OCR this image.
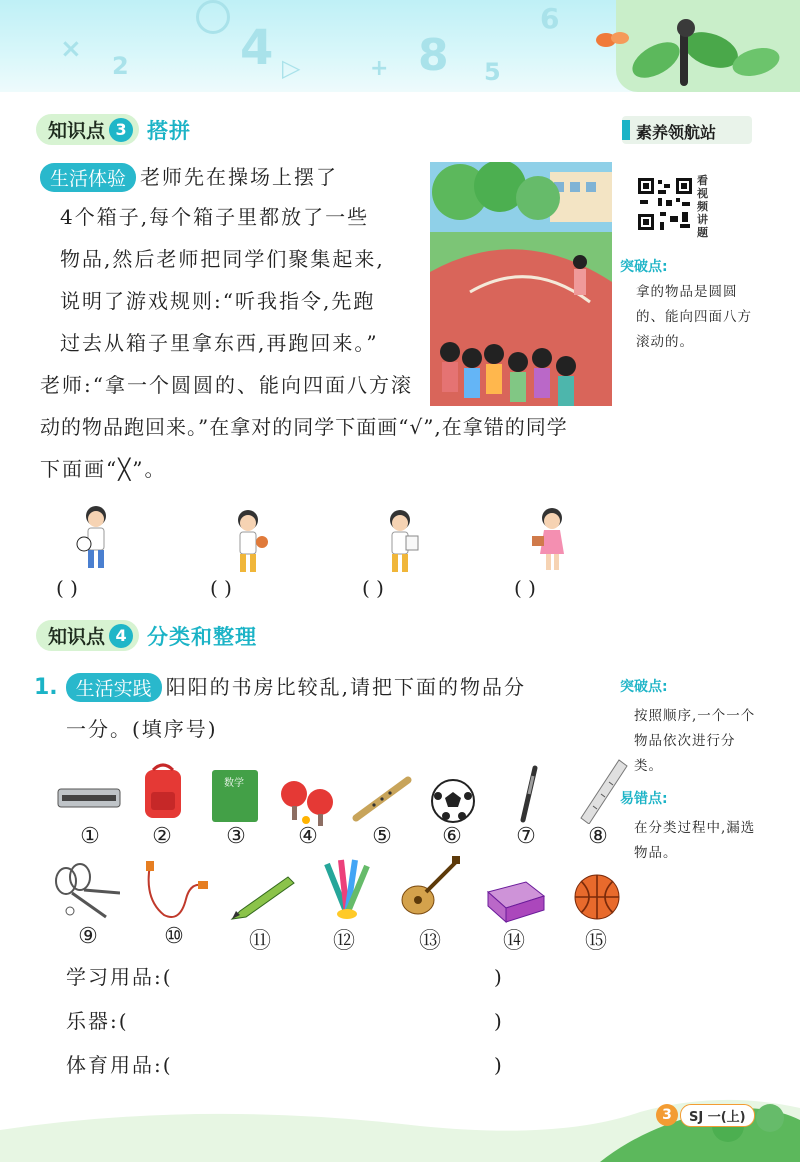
×
2 4 ▷	+ 8 5
6
知识点 3 搭拼	素养领航站
看视频讲题
突破点:
拿的物品是圆圆的、能向四面八方滚动的。
生活体验 老师先在操场上摆了
4个箱子,每个箱子里都放了一些
物品,然后老师把同学们聚集起来,
说明了游戏规则:“听我指令,先跑
过去从箱子里拿东西,再跑回来。”
老师:“拿一个圆圆的、能向四面八方滚
动的物品跑回来。”在拿对的同学下面画“√”,在拿错的同学
下面画“╳”。
( )	( )	( )	( )
知识点 4 分类和整理
1. 生活实践 阳阳的书房比较乱,请把下面的物品分
一分。(填序号)
突破点:
按照顺序,一个一个物品依次进行分类。
易错点:
在分类过程中,漏选物品。
数学
①	②	③	④	⑤	⑥	⑦	⑧
⑨	⑩	⑪	⑫	⑬	⑭	⑮
学习用品:(	)
乐器:(	)
体育用品:(	)
3	SJ 一(上)
